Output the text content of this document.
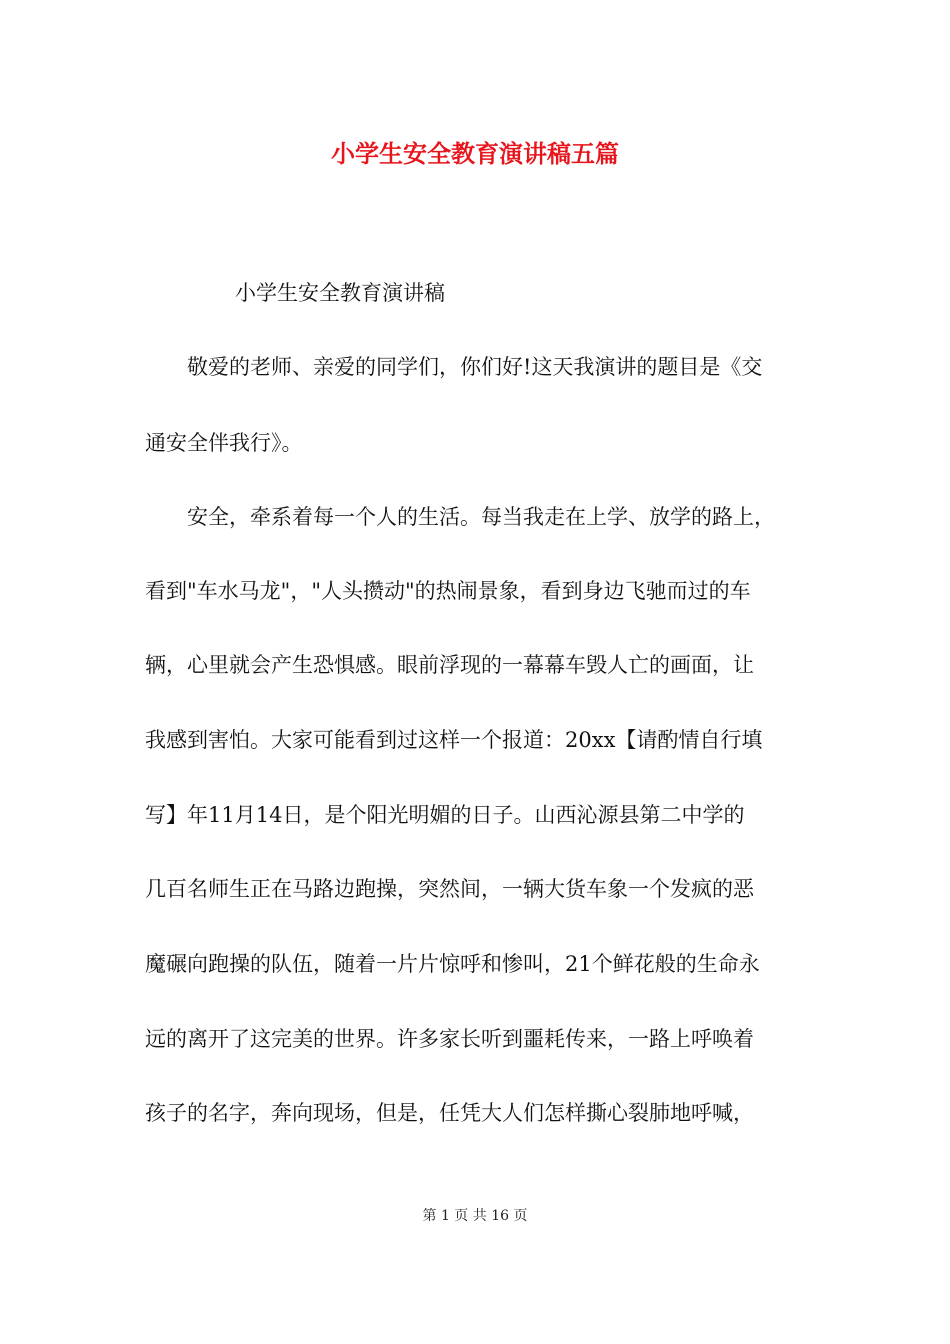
小学生安全教育演讲稿五篇
小学生安全教育演讲稿
敬爱的老师、亲爱的同学们，你们好!这天我演讲的题目是《交
通安全伴我行》。
安全，牵系着每一个人的生活。每当我走在上学、放学的路上，
看到"车水马龙"，"人头攒动"的热闹景象，看到身边飞驰而过的车
辆，心里就会产生恐惧感。眼前浮现的一幕幕车毁人亡的画面，让
我感到害怕。大家可能看到过这样一个报道：20xx【请酌情自行填
写】年11月14日，是个阳光明媚的日子。山西沁源县第二中学的
几百名师生正在马路边跑操，突然间，一辆大货车象一个发疯的恶
魔碾向跑操的队伍，随着一片片惊呼和惨叫，21个鲜花般的生命永
远的离开了这完美的世界。许多家长听到噩耗传来，一路上呼唤着
孩子的名字，奔向现场，但是，任凭大人们怎样撕心裂肺地呼喊，
第 1 页 共 16 页
